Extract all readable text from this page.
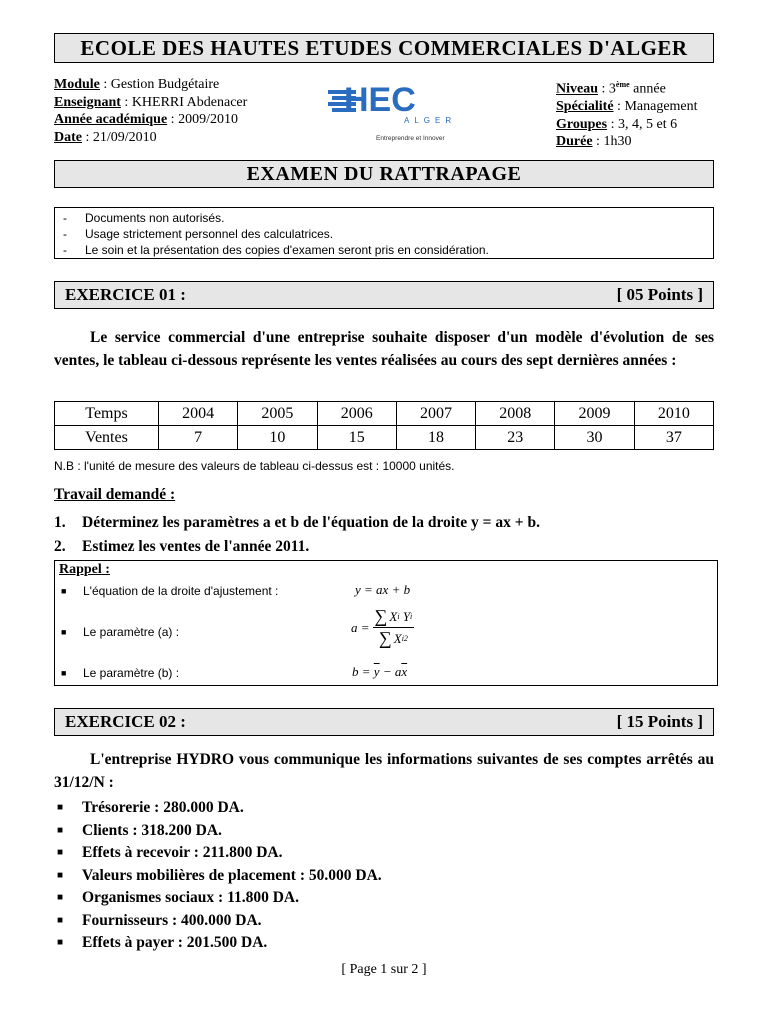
ECOLE DES HAUTES ETUDES COMMERCIALES D'ALGER
Module : Gestion Budgétaire
Enseignant : KHERRI Abdenacer
Année académique : 2009/2010
Date : 21/09/2010
HEC
ALGER
Entreprendre et Innover
Niveau : 3ème année
Spécialité : Management
Groupes : 3, 4, 5 et 6
Durée : 1h30
EXAMEN DU RATTRAPAGE
-	Documents non autorisés.
-	Usage strictement personnel des calculatrices.
-	Le soin et la présentation des copies d'examen seront pris en considération.
EXERCICE 01 :	[ 05 Points ]

Le service commercial d'une entreprise souhaite disposer d'un modèle d'évolution de ses ventes, le tableau ci-dessous représente les ventes réalisées au cours des sept dernières années :

Temps	2004	2005	2006	2007	2008	2009	2010
Ventes	7	10	15	18	23	30	37
N.B : l'unité de mesure des valeurs de tableau ci-dessus est : 10000 unités.
Travail demandé :
1. Déterminez les paramètres a et b de l'équation de la droite y = ax + b.
2. Estimez les ventes de l'année 2011.
Rappel :
■	L'équation de la droite d'ajustement :	y = ax + b
■	Le paramètre (a) :	a = ∑ X i
Y i
∑ X i 2
■	Le paramètre (b) :	$b = \overline{y} - a\overline{x}$
EXERCICE 02 :	[ 15 Points ]

L'entreprise HYDRO vous communique les informations suivantes de ses comptes arrêtés au 31/12/N :

■	Trésorerie :
280.000 DA.
■	Clients :
318.200 DA.
■	Effets à recevoir :
211.800 DA.
■	Valeurs mobilières de placement :
50.000 DA.
■	Organismes sociaux :
11.800 DA.
■	Fournisseurs :
400.000 DA.
■	Effets à payer :
201.500 DA.
[ Page 1 sur 2 ]
